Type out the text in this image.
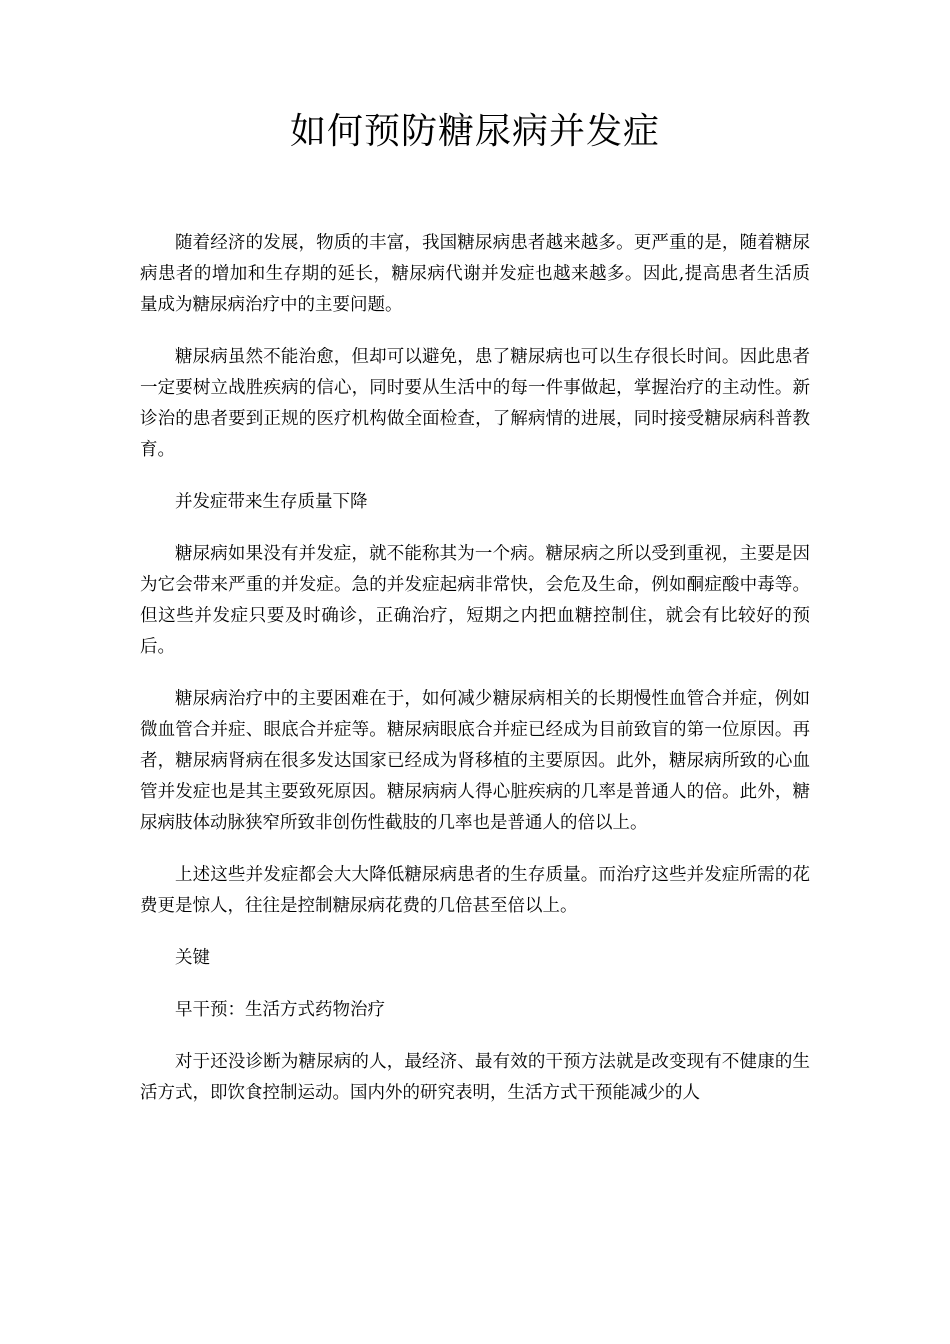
如何预防糖尿病并发症

随着经济的发展，物质的丰富，我国糖尿病患者越来越多。更严重的是，随着糖尿病患者的增加和生存期的延长，糖尿病代谢并发症也越来越多。因此,提高患者生活质量成为糖尿病治疗中的主要问题。

糖尿病虽然不能治愈，但却可以避免，患了糖尿病也可以生存很长时间。因此患者一定要树立战胜疾病的信心，同时要从生活中的每一件事做起，掌握治疗的主动性。新诊治的患者要到正规的医疗机构做全面检查，了解病情的进展，同时接受糖尿病科普教育。

并发症带来生存质量下降

糖尿病如果没有并发症，就不能称其为一个病。糖尿病之所以受到重视，主要是因为它会带来严重的并发症。急的并发症起病非常快，会危及生命，例如酮症酸中毒等。但这些并发症只要及时确诊，正确治疗，短期之内把血糖控制住，就会有比较好的预后。

糖尿病治疗中的主要困难在于，如何减少糖尿病相关的长期慢性血管合并症，例如微血管合并症、眼底合并症等。糖尿病眼底合并症已经成为目前致盲的第一位原因。再者，糖尿病肾病在很多发达国家已经成为肾移植的主要原因。此外，糖尿病所致的心血管并发症也是其主要致死原因。糖尿病病人得心脏疾病的几率是普通人的倍。此外，糖尿病肢体动脉狭窄所致非创伤性截肢的几率也是普通人的倍以上。

上述这些并发症都会大大降低糖尿病患者的生存质量。而治疗这些并发症所需的花费更是惊人，往往是控制糖尿病花费的几倍甚至倍以上。

关键

早干预：生活方式药物治疗

对于还没诊断为糖尿病的人，最经济、最有效的干预方法就是改变现有不健康的生活方式，即饮食控制运动。国内外的研究表明，生活方式干预能减少的人
